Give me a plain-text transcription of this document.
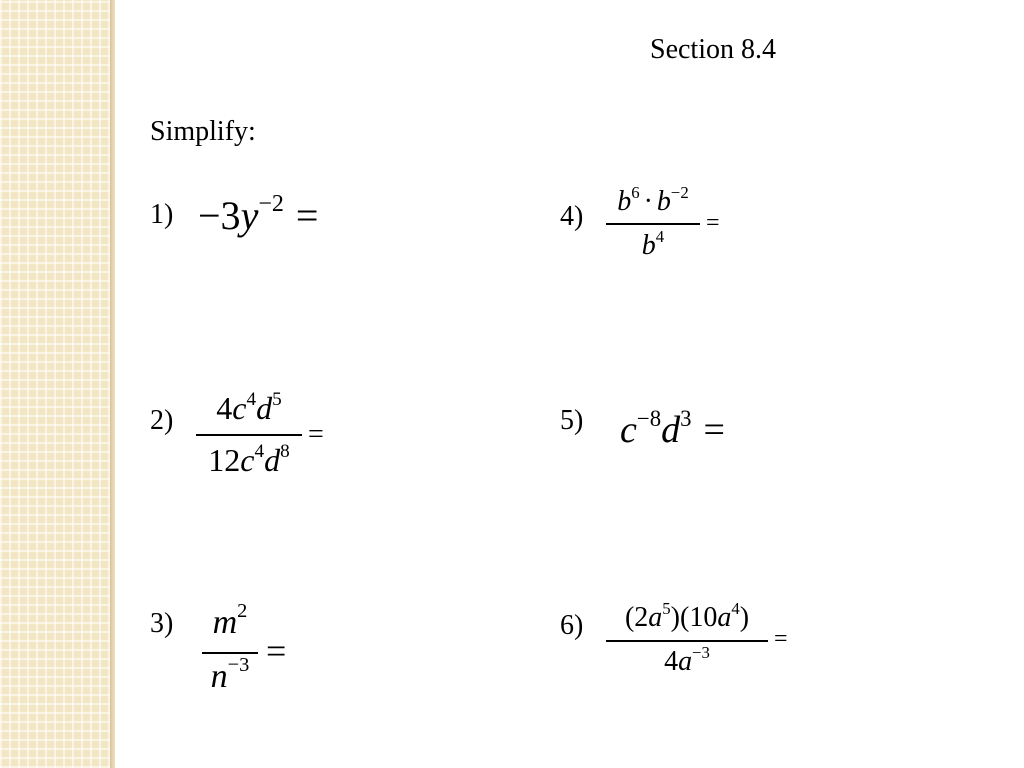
Section 8.4
Simplify:
$1) -3y^{-2}$ =
2)	$4c^4d^5$
$12c^4d^8$
=
3)	$m^2$
$n^{-3}$ =
4)	$b^6 \cdot b^{-2}$
$b^4$
=
5) $c^{-8}d^3$ =
6)	$(2a^5)(10a^4)$
$4a^{-3}$
=
